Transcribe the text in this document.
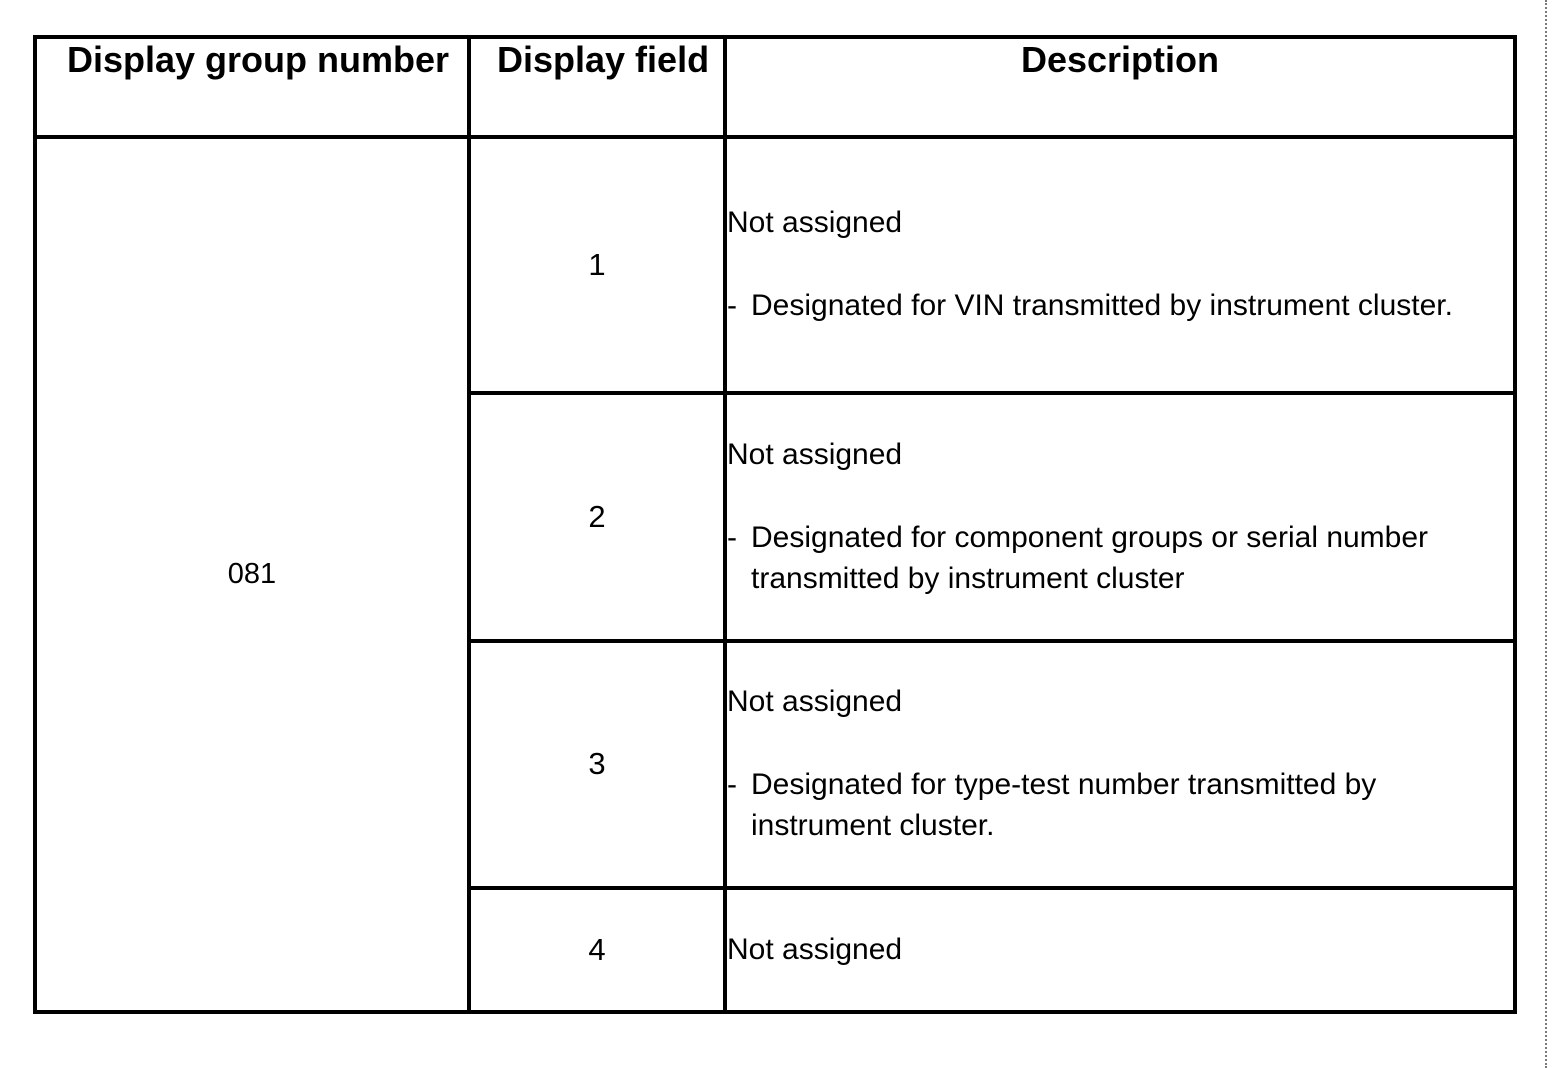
Display group number	Display field	Description
081	1	Not assigned
- Designated for VIN transmitted by instrument cluster.

	2	Not assigned
- Designated for component groups or serial number transmitted by instrument cluster

	3	Not assigned
- Designated for type-test number transmitted by instrument cluster.

	4	Not assigned
